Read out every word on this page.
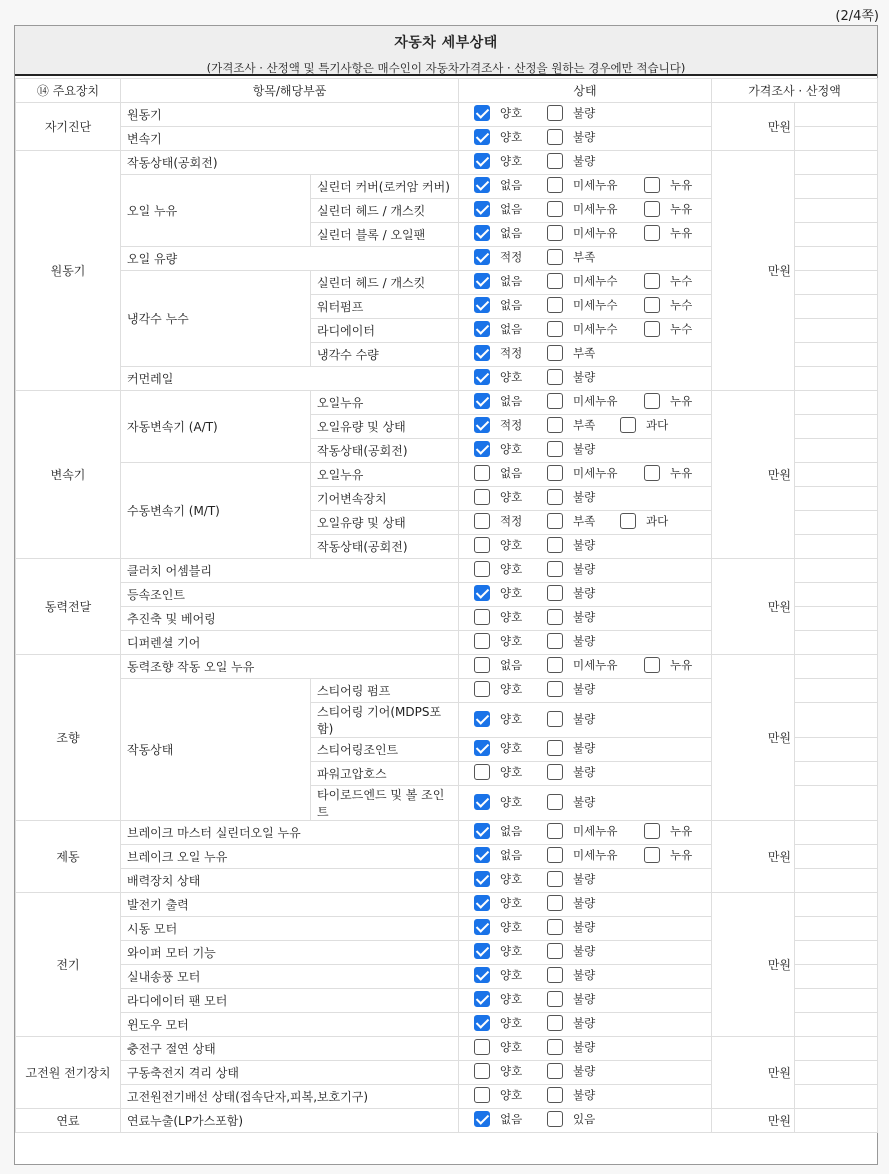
(2/4쪽)
자동차 세부상태
(가격조사 · 산정액 및 특기사항은 매수인이 자동차가격조사 · 산정을 원하는 경우에만 적습니다)
⑭ 주요장치	항목/해당부품		상태	가격조사 · 산정액	
자기진단	원동기		양호 불량	만원	
	변속기		양호 불량		

원동기	작동상태(공회전)		양호 불량	만원	
	오일 누유	실린더 커버(로커암 커버)	없음 미세누유 누유		

		실린더 헤드 / 개스킷	없음 미세누유 누유		

		실린더 블록 / 오일팬	없음 미세누유 누유		

	오일 유량		적정 부족		

	냉각수 누수	실린더 헤드 / 개스킷	없음 미세누수 누수		

		워터펌프	없음 미세누수 누수		

		라디에이터	없음 미세누수 누수		

		냉각수 수량	적정 부족		

	커먼레일		양호 불량		

변속기	자동변속기 (A/T)	오일누유	없음 미세누유 누유	만원	
		오일유량 및 상태	적정 부족 과다		

		작동상태(공회전)	양호 불량		

	수동변속기 (M/T)	오일누유	없음 미세누유 누유		

		기어변속장치	양호 불량		

		오일유량 및 상태	적정 부족 과다		

		작동상태(공회전)	양호 불량		

동력전달	클러치 어셈블리		양호 불량	만원	
	등속조인트		양호 불량		

	추진축 및 베어링		양호 불량		

	디퍼렌셜 기어		양호 불량		

조향	동력조향 작동 오일 누유		없음 미세누유 누유	만원	
	작동상태	스티어링 펌프	양호 불량		

		스티어링 기어(MDPS포함)	양호 불량		

		스티어링조인트	양호 불량		

		파워고압호스	양호 불량		

		타이로드엔드 및 볼 조인트	양호 불량		

제동	브레이크 마스터 실린더오일 누유		없음 미세누유 누유	만원	
	브레이크 오일 누유		없음 미세누유 누유		

	배력장치 상태		양호 불량		

전기	발전기 출력		양호 불량	만원	
	시동 모터		양호 불량		

	와이퍼 모터 기능		양호 불량		

	실내송풍 모터		양호 불량		

	라디에이터 팬 모터		양호 불량		

	윈도우 모터		양호 불량		

고전원 전기장치	충전구 절연 상태		양호 불량	만원	
	구동축전지 격리 상태		양호 불량		

	고전원전기배선 상태(접속단자,피복,보호기구)		양호 불량		

연료	연료누출(LP가스포함)		없음 있음	만원	
